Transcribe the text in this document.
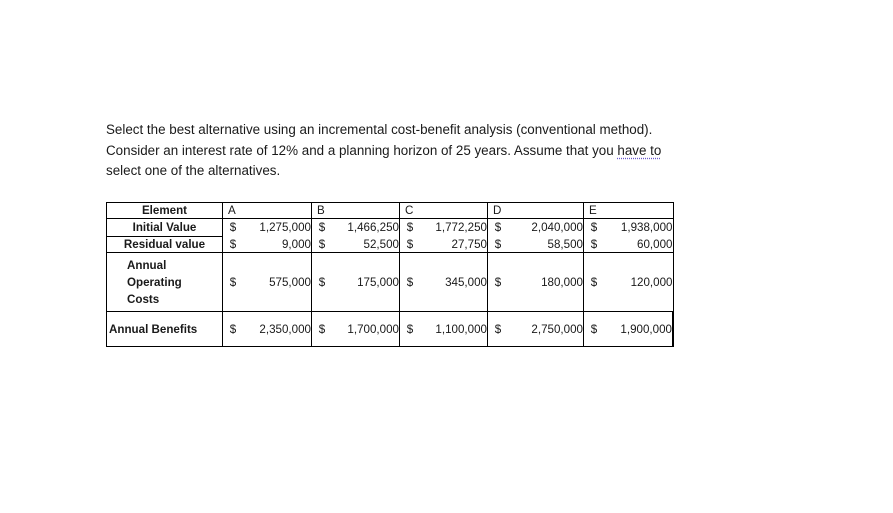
Select the best alternative using an incremental cost-benefit analysis (conventional method).

Consider an interest rate of 12% and a planning horizon of 25 years. Assume that you have to

select one of the alternatives.

Element	A		B		C		D		E	
Initial Value	$	1,275,000	$	1,466,250	$	1,772,250	$	2,040,000	$	1,938,000
Residual value	$	9,000	$	52,500	$	27,750	$	58,500	$	60,000

Annual
Operating
Costs	$	575,000	$	175,000	$	345,000	$	180,000	$	120,000
Annual Benefits	$	2,350,000	$	1,700,000	$	1,100,000	$	2,750,000	$	1,900,000
